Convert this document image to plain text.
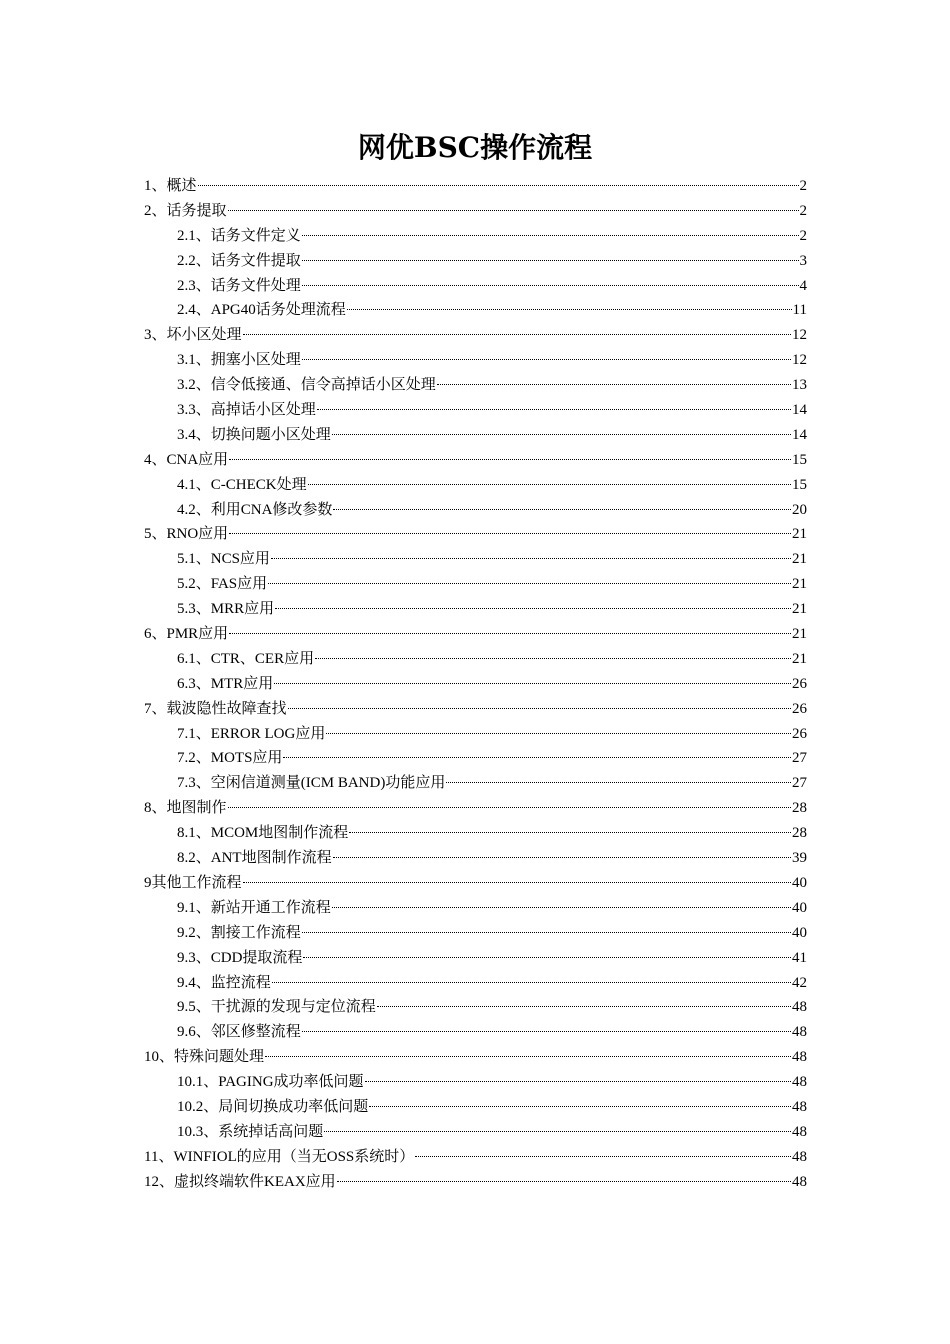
网优BSC操作流程
1、概述	2
2、话务提取	2
2.1、话务文件定义	2
2.2、话务文件提取	3
2.3、话务文件处理	4
2.4、APG40话务处理流程	11
3、坏小区处理	12
3.1、拥塞小区处理	12
3.2、信令低接通、信令高掉话小区处理	13
3.3、高掉话小区处理	14
3.4、切换问题小区处理	14
4、CNA应用	15
4.1、C-CHECK处理	15
4.2、利用CNA修改参数	20
5、RNO应用	21
5.1、NCS应用	21
5.2、FAS应用	21
5.3、MRR应用	21
6、PMR应用	21
6.1、CTR、CER应用	21
6.3、MTR应用	26
7、载波隐性故障查找	26
7.1、ERROR LOG应用	26
7.2、MOTS应用	27
7.3、空闲信道测量(ICM BAND)功能应用	27
8、地图制作	28
8.1、MCOM地图制作流程	28
8.2、ANT地图制作流程	39
9其他工作流程	40
9.1、新站开通工作流程	40
9.2、割接工作流程	40
9.3、CDD提取流程	41
9.4、监控流程	42
9.5、干扰源的发现与定位流程	48
9.6、邻区修整流程	48
10、特殊问题处理	48
10.1、PAGING成功率低问题	48
10.2、局间切换成功率低问题	48
10.3、系统掉话高问题	48
11、WINFIOL的应用（当无OSS系统时）	48
12、虚拟终端软件KEAX应用	48
